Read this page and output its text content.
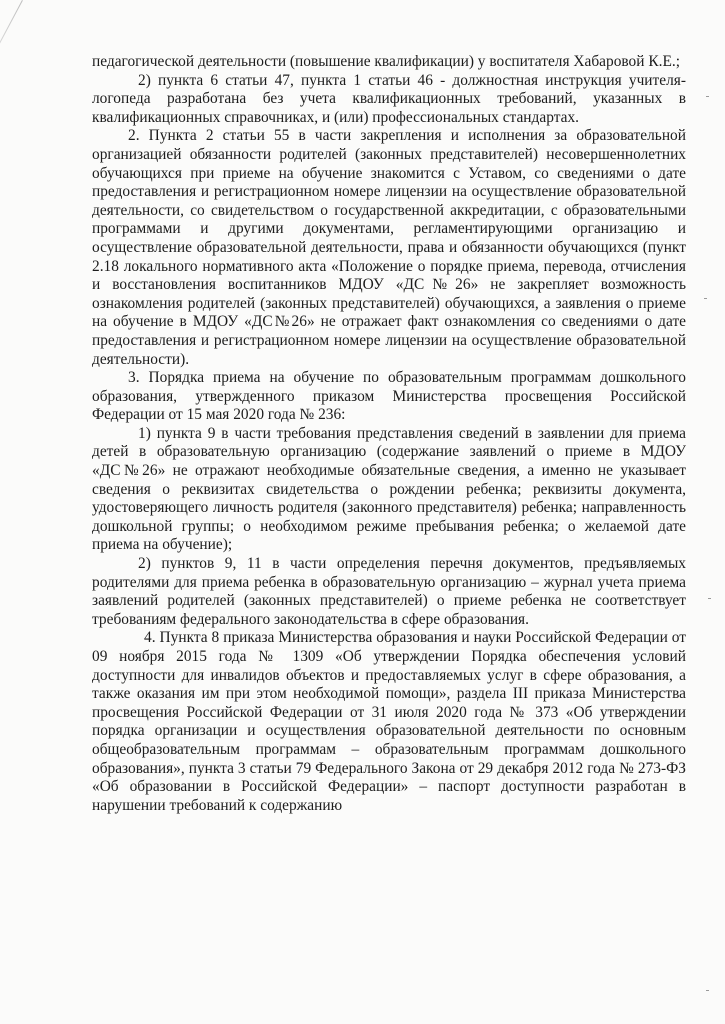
педагогической деятельности (повышение квалификации) у воспитателя Хабаровой К.Е.;

2) пункта 6 статьи 47, пункта 1 статьи 46 - должностная инструкция учителя-логопеда разработана без учета квалификационных требований, указанных в квалификационных справочниках, и (или) профессиональных стандартах.

2. Пункта 2 статьи 55 в части закрепления и исполнения за образовательной организацией обязанности родителей (законных представителей) несовершеннолетних обучающихся при приеме на обучение знакомится с Уставом, со сведениями о дате предоставления и регистрационном номере лицензии на осуществление образовательной деятельности, со свидетельством о государственной аккредитации, с образовательными программами и другими документами, регламентирующими организацию и осуществление образовательной деятельности, права и обязанности обучающихся (пункт 2.18 локального нормативного акта «Положение о порядке приема, перевода, отчисления и восстановления воспитанников МДОУ «ДС№26» не закрепляет возможность ознакомления родителей (законных представителей) обучающихся, а заявления о приеме на обучение в МДОУ «ДС№26» не отражает факт ознакомления со сведениями о дате предоставления и регистрационном номере лицензии на осуществление образовательной деятельности).

3. Порядка приема на обучение по образовательным программам дошкольного образования, утвержденного приказом Министерства просвещения Российской Федерации от 15 мая 2020 года № 236:

1) пункта 9 в части требования представления сведений в заявлении для приема детей в образовательную организацию (содержание заявлений о приеме в МДОУ «ДС№26» не отражают необходимые обязательные сведения, а именно не указывает сведения о реквизитах свидетельства о рождении ребенка; реквизиты документа, удостоверяющего личность родителя (законного представителя) ребенка; направленность дошкольной группы; о необходимом режиме пребывания ребенка; о желаемой дате приема на обучение);

2) пунктов 9, 11 в части определения перечня документов, предъявляемых родителями для приема ребенка в образовательную организацию – журнал учета приема заявлений родителей (законных представителей) о приеме ребенка не соответствует требованиям федерального законодательства в сфере образования.

4. Пункта 8 приказа Министерства образования и науки Российской Федерации от 09 ноября 2015 года № 1309 «Об утверждении Порядка обеспечения условий доступности для инвалидов объектов и предоставляемых услуг в сфере образования, а также оказания им при этом необходимой помощи», раздела III приказа Министерства просвещения Российской Федерации от 31 июля 2020 года № 373 «Об утверждении порядка организации и осуществления образовательной деятельности по основным общеобразовательным программам – образовательным программам дошкольного образования», пункта 3 статьи 79 Федерального Закона от 29 декабря 2012 года № 273-ФЗ «Об образовании в Российской Федерации» – паспорт доступности разработан в нарушении требований к содержанию
